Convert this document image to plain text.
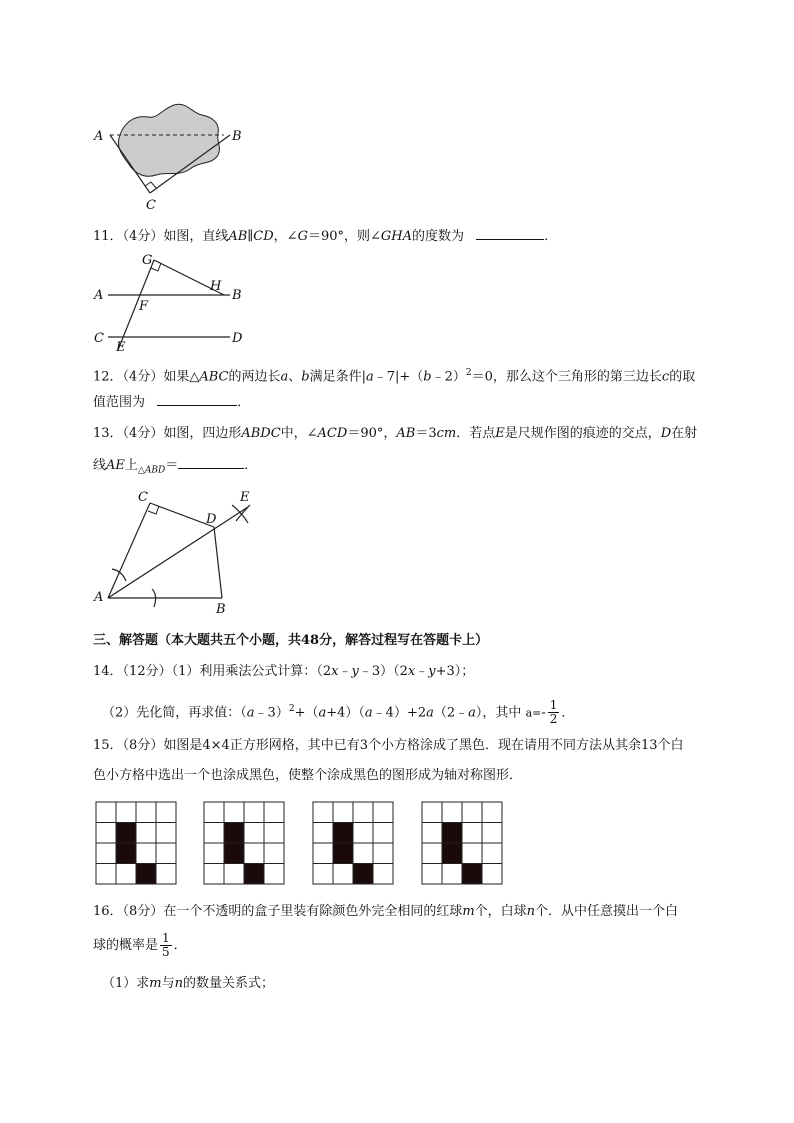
A	B
C
11．（4分）如图，直线AB∥CD，∠G＝90°，则∠GHA的度数为	．
G
H
A	B
F
C	D
E
12．（4分）如果△ABC的两边长a、b满足条件|a﹣7|+（b﹣2）$^2$＝0，那么这个三角形的第三边长c的取
值范围为	．
13．（4分）如图，四边形ABDC中，∠ACD＝90°，AB＝3cm．若点E是尺规作图的痕迹的交点，D在射
线AE上$_{\triangle ABD}$＝	．
C	E
D
A
B
三、解答题（本大题共五个小题，共48分，解答过程写在答题卡上）
14．（12分）（1）利用乘法公式计算：（2x﹣y﹣3）（2x﹣y+3）；
（2）先化简，再求值：（a﹣3）$^2$+（a+4）（a﹣4）+2a（2﹣a），其中 $a=- \frac{1}{2}$ ．
15．（8分）如图是4×4正方形网格，其中已有3个小方格涂成了黑色．现在请用不同方法从其余13个白
色小方格中选出一个也涂成黑色，使整个涂成黑色的图形成为轴对称图形．
16．（8分）在一个不透明的盒子里装有除颜色外完全相同的红球m个，白球n个．从中任意摸出一个白
球的概率是 $\frac{1}{5}$ ．
（1）求m与n的数量关系式；
